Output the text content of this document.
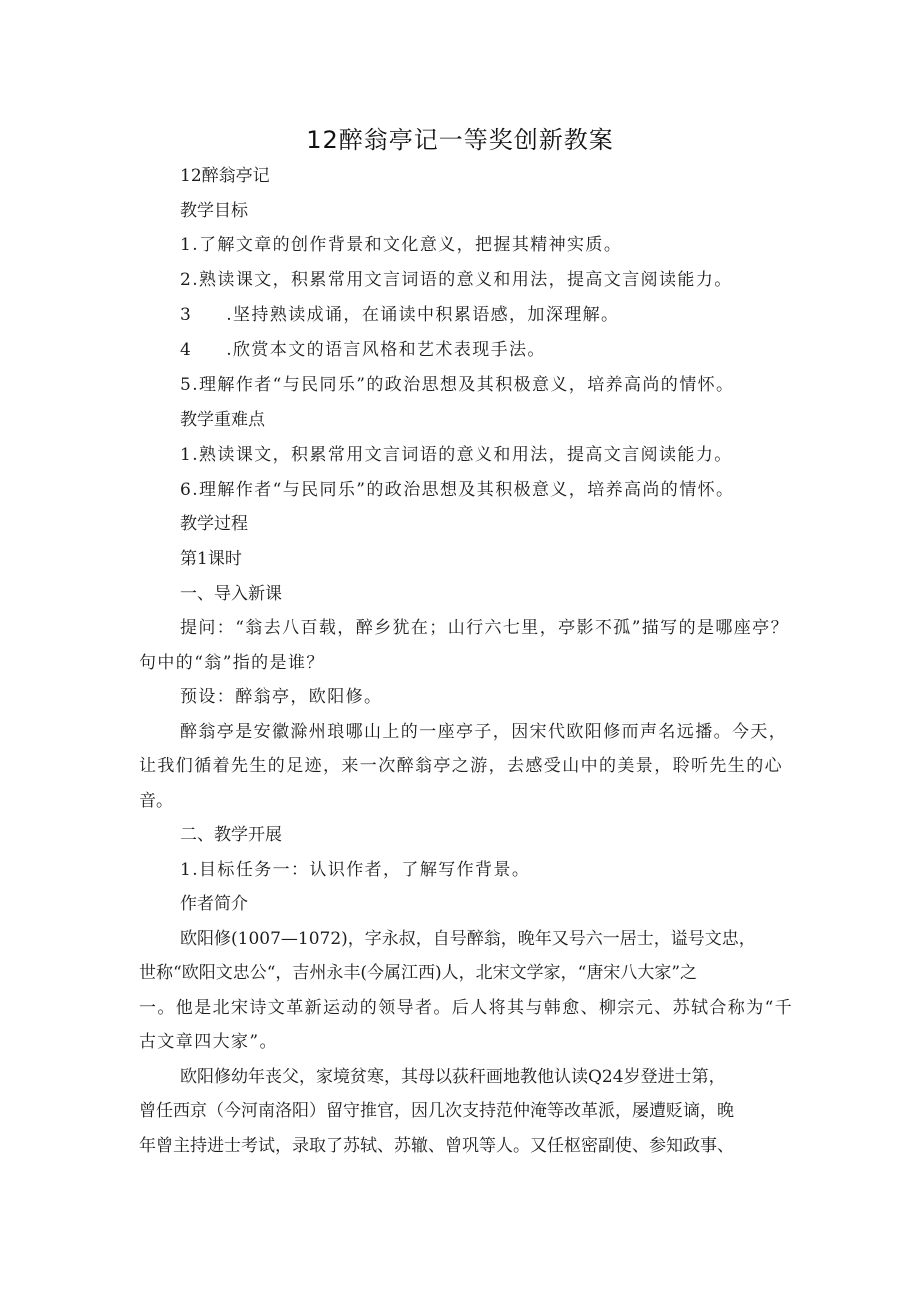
12醉翁亭记一等奖创新教案
12醉翁亭记
教学目标
1.了解文章的创作背景和文化意义，把握其精神实质。
2.熟读课文，积累常用文言词语的意义和用法，提高文言阅读能力。
3 .坚持熟读成诵，在诵读中积累语感，加深理解。
4 .欣赏本文的语言风格和艺术表现手法。
5.理解作者“与民同乐”的政治思想及其积极意义，培养高尚的情怀。
教学重难点
1.熟读课文，积累常用文言词语的意义和用法，提高文言阅读能力。
6.理解作者“与民同乐”的政治思想及其积极意义，培养高尚的情怀。
教学过程
第1课时
一、导入新课
提问：“翁去八百载，醉乡犹在；山行六七里，亭影不孤”描写的是哪座亭？
句中的“翁”指的是谁？
预设：醉翁亭，欧阳修。
醉翁亭是安徽滁州琅哪山上的一座亭子，因宋代欧阳修而声名远播。今天，
让我们循着先生的足迹，来一次醉翁亭之游，去感受山中的美景，聆听先生的心
音。
二、教学开展
1.目标任务一：认识作者，了解写作背景。
作者简介
欧阳修(1007—1072)，字永叔，自号醉翁，晚年又号六一居士，谥号文忠，
世称“欧阳文忠公“，吉州永丰(今属江西)人，北宋文学家，“唐宋八大家”之
一。他是北宋诗文革新运动的领导者。后人将其与韩愈、柳宗元、苏轼合称为“千
古文章四大家”。
欧阳修幼年丧父，家境贫寒，其母以荻秆画地教他认读Q24岁登进士第，
曾任西京（今河南洛阳）留守推官，因几次支持范仲淹等改革派，屡遭贬谪，晚
年曾主持进士考试，录取了苏轼、苏辙、曾巩等人。又任枢密副使、参知政事、
